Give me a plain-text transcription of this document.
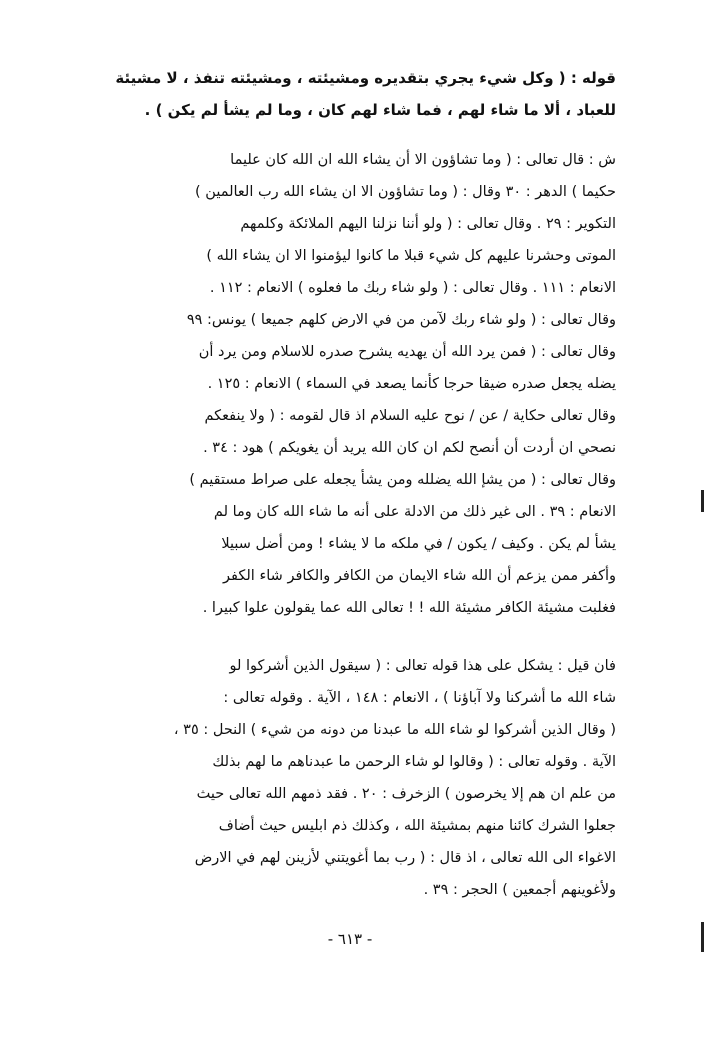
قوله : ( وكل شيء يجري بتقديره ومشيئته ، ومشيئته تنفذ ، لا مشيئة
للعباد ، ألا ما شاء لهم ، فما شاء لهم كان ، وما لم يشأ لم يكن ) .
ش : قال تعالى : ( وما تشاؤون الا أن يشاء الله ان الله كان عليما
حكيما ) الدهر : ٣٠ وقال : ( وما تشاؤون الا ان يشاء الله رب العالمين )
التكوير : ٢٩ . وقال تعالى : ( ولو أننا نزلنا اليهم الملائكة وكلمهم
الموتى وحشرنا عليهم كل شيء قبلا ما كانوا ليؤمنوا الا ان يشاء الله )
الانعام : ١١١ . وقال تعالى : ( ولو شاء ربك ما فعلوه ) الانعام : ١١٢ .
وقال تعالى : ( ولو شاء ربك لآمن من في الارض كلهم جميعا ) يونس: ٩٩
وقال تعالى : ( فمن يرد الله أن يهديه يشرح صدره للاسلام ومن يرد أن
يضله يجعل صدره ضيقا حرجا كأنما يصعد في السماء ) الانعام : ١٢٥ .
وقال تعالى حكاية / عن / نوح عليه السلام اذ قال لقومه : ( ولا ينفعكم
نصحي ان أردت أن أنصح لكم ان كان الله يريد أن يغويكم ) هود : ٣٤ .
وقال تعالى : ( من يشإ الله يضلله ومن يشأ يجعله على صراط مستقيم )
الانعام : ٣٩ . الى غير ذلك من الادلة على أنه ما شاء الله كان وما لم
يشأ لم يكن . وكيف / يكون / في ملكه ما لا يشاء ! ومن أضل سبيلا
وأكفر ممن يزعم أن الله شاء الايمان من الكافر والكافر شاء الكفر
فغلبت مشيئة الكافر مشيئة الله ! ! تعالى الله عما يقولون علوا كبيرا .
فان قيل : يشكل على هذا قوله تعالى : ( سيقول الذين أشركوا لو
شاء الله ما أشركنا ولا آباؤنا ) ، الانعام : ١٤٨ ، الآية . وقوله تعالى :
( وقال الذين أشركوا لو شاء الله ما عبدنا من دونه من شيء ) النحل : ٣٥ ،
الآية . وقوله تعالى : ( وقالوا لو شاء الرحمن ما عبدناهم ما لهم بذلك
من علم ان هم إلا يخرصون ) الزخرف : ٢٠ . فقد ذمهم الله تعالى حيث
جعلوا الشرك كائنا منهم بمشيئة الله ، وكذلك ذم ابليس حيث أضاف
الاغواء الى الله تعالى ، اذ قال : ( رب بما أغويتني لأزينن لهم في الارض
ولأغوينهم أجمعين ) الحجر : ٣٩ .
- ٦١٣ -
